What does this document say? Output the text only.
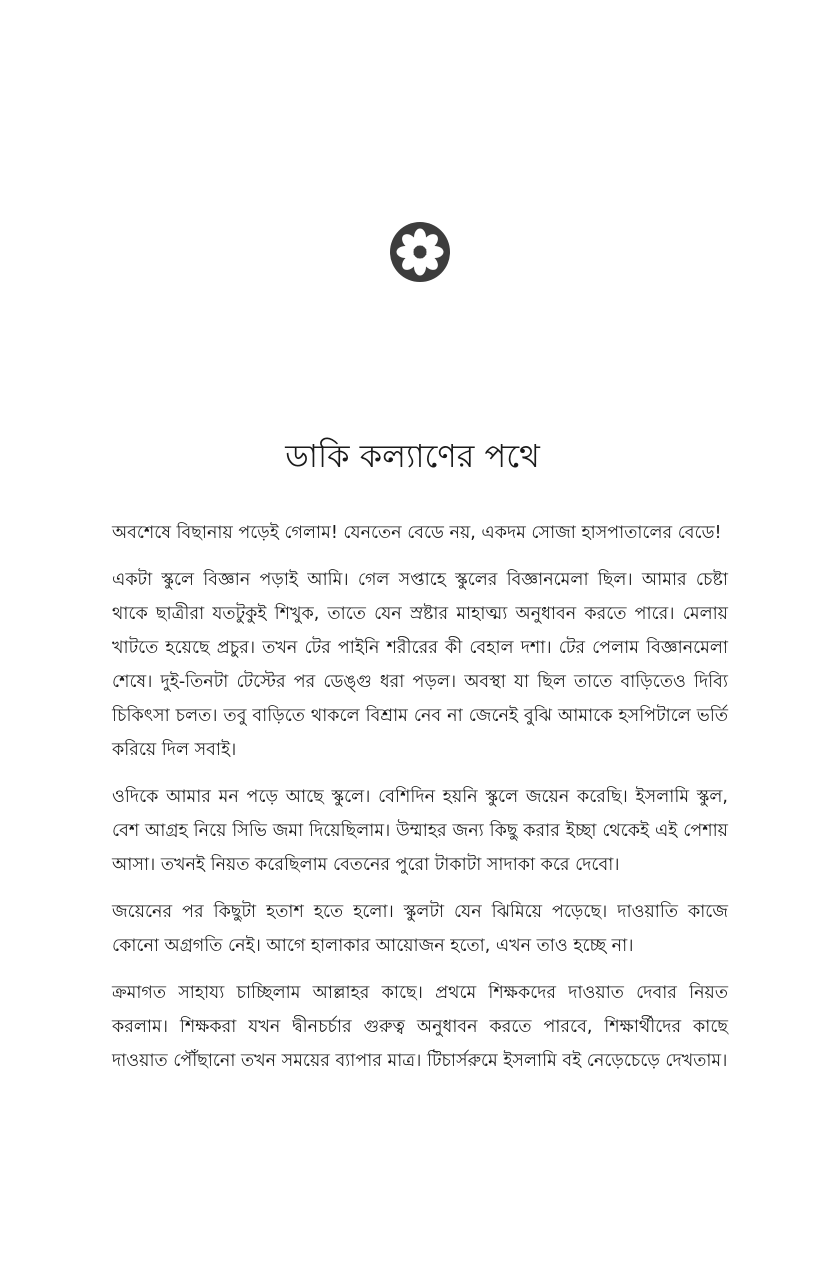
ডাকি কল্যাণের পথে

অবশেষে বিছানায় পড়েই গেলাম! যেনতেন বেডে নয়, একদম সোজা হাসপাতালের বেডে!

একটা স্কুলে বিজ্ঞান পড়াই আমি। গেল সপ্তাহে স্কুলের বিজ্ঞানমেলা ছিল। আমার চেষ্টা থাকে ছাত্রীরা যতটুকুই শিখুক, তাতে যেন স্রষ্টার মাহাত্ম্য অনুধাবন করতে পারে। মেলায় খাটতে হয়েছে প্রচুর। তখন টের পাইনি শরীরের কী বেহাল দশা। টের পেলাম বিজ্ঞানমেলা শেষে। দুই-তিনটা টেস্টের পর ডেঙ্গু ধরা পড়ল। অবস্থা যা ছিল তাতে বাড়িতেও দিব্যি চিকিৎসা চলত। তবু বাড়িতে থাকলে বিশ্রাম নেব না জেনেই বুঝি আমাকে হসপিটালে ভর্তি করিয়ে দিল সবাই।

ওদিকে আমার মন পড়ে আছে স্কুলে। বেশিদিন হয়নি স্কুলে জয়েন করেছি। ইসলামি স্কুল, বেশ আগ্রহ নিয়ে সিভি জমা দিয়েছিলাম। উম্মাহর জন্য কিছু করার ইচ্ছা থেকেই এই পেশায় আসা। তখনই নিয়ত করেছিলাম বেতনের পুরো টাকাটা সাদাকা করে দেবো।

জয়েনের পর কিছুটা হতাশ হতে হলো। স্কুলটা যেন ঝিমিয়ে পড়েছে। দাওয়াতি কাজে কোনো অগ্রগতি নেই। আগে হালাকার আয়োজন হতো, এখন তাও হচ্ছে না।

ক্রমাগত সাহায্য চাচ্ছিলাম আল্লাহর কাছে। প্রথমে শিক্ষকদের দাওয়াত দেবার নিয়ত করলাম। শিক্ষকরা যখন দ্বীনচর্চার গুরুত্ব অনুধাবন করতে পারবে, শিক্ষার্থীদের কাছে দাওয়াত পৌঁছানো তখন সময়ের ব্যাপার মাত্র। টিচার্সরুমে ইসলামি বই নেড়েচেড়ে দেখতাম।
